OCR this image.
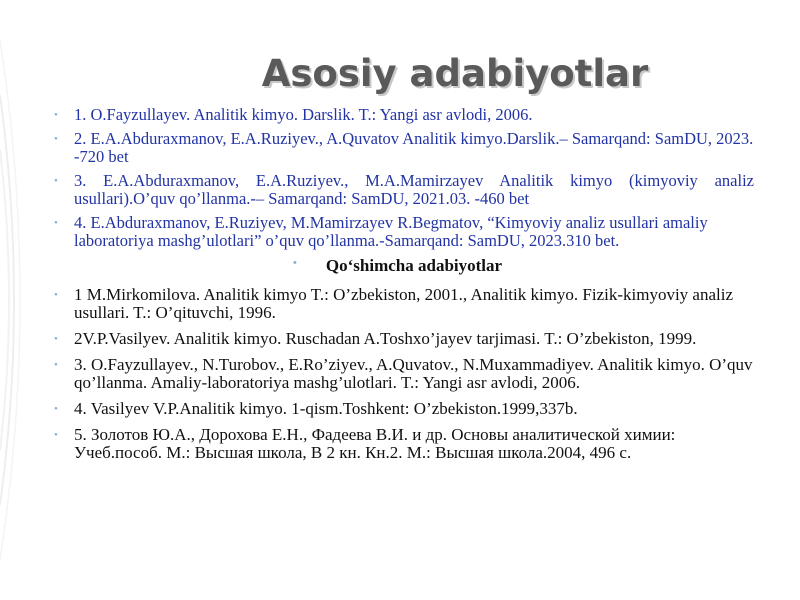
Asosiy adabiyotlar
• 1. O.Fayzullayev. Analitik kimyo. Darslik. T.: Yangi asr avlodi, 2006.
• 2. E.A.Abduraxmanov, E.A.Ruziyev., A.Quvatov Analitik kimyo.Darslik.– Samarqand: SamDU, 2023. -720 bet
• 3. E.A.Abduraxmanov, E.A.Ruziyev., M.A.Mamirzayev Analitik kimyo (kimyoviy analiz usullari).O’quv qo’llanma.-– Samarqand: SamDU, 2021.03. -460 bet
• 4. E.Abduraxmanov, E.Ruziyev, M.Mamirzayev R.Begmatov, “Kimyoviy analiz usullari amaliy laboratoriya mashg’ulotlari” o’quv qo’llanma.-Samarqand: SamDU, 2023.310 bet.
• Qo‘shimcha adabiyotlar
• 1 M.Mirkomilova. Analitik kimyo T.: O’zbekiston, 2001., Analitik kimyo. Fizik-kimyoviy analiz usullari. T.: O’qituvchi, 1996.
• 2V.P.Vasilyev. Analitik kimyo. Ruschadan A.Toshxo’jayev tarjimasi. T.: O’zbekiston, 1999.
• 3. O.Fayzullayev., N.Turobov., E.Ro’ziyev., A.Quvatov., N.Muxammadiyev. Analitik kimyo. O’quv qo’llanma. Amaliy-laboratoriya mashg’ulotlari. T.: Yangi asr avlodi, 2006.
• 4. Vasilyev V.P.Analitik kimyo. 1-qism.Toshkent: O’zbekiston.1999,337b.
• 5. Золотов Ю.А., Дорохова Е.Н., Фадеева В.И. и др. Основы аналитической химии: Учеб.пособ. М.: Высшая школа, В 2 кн. Кн.2. М.: Высшая школа.2004, 496 с.
